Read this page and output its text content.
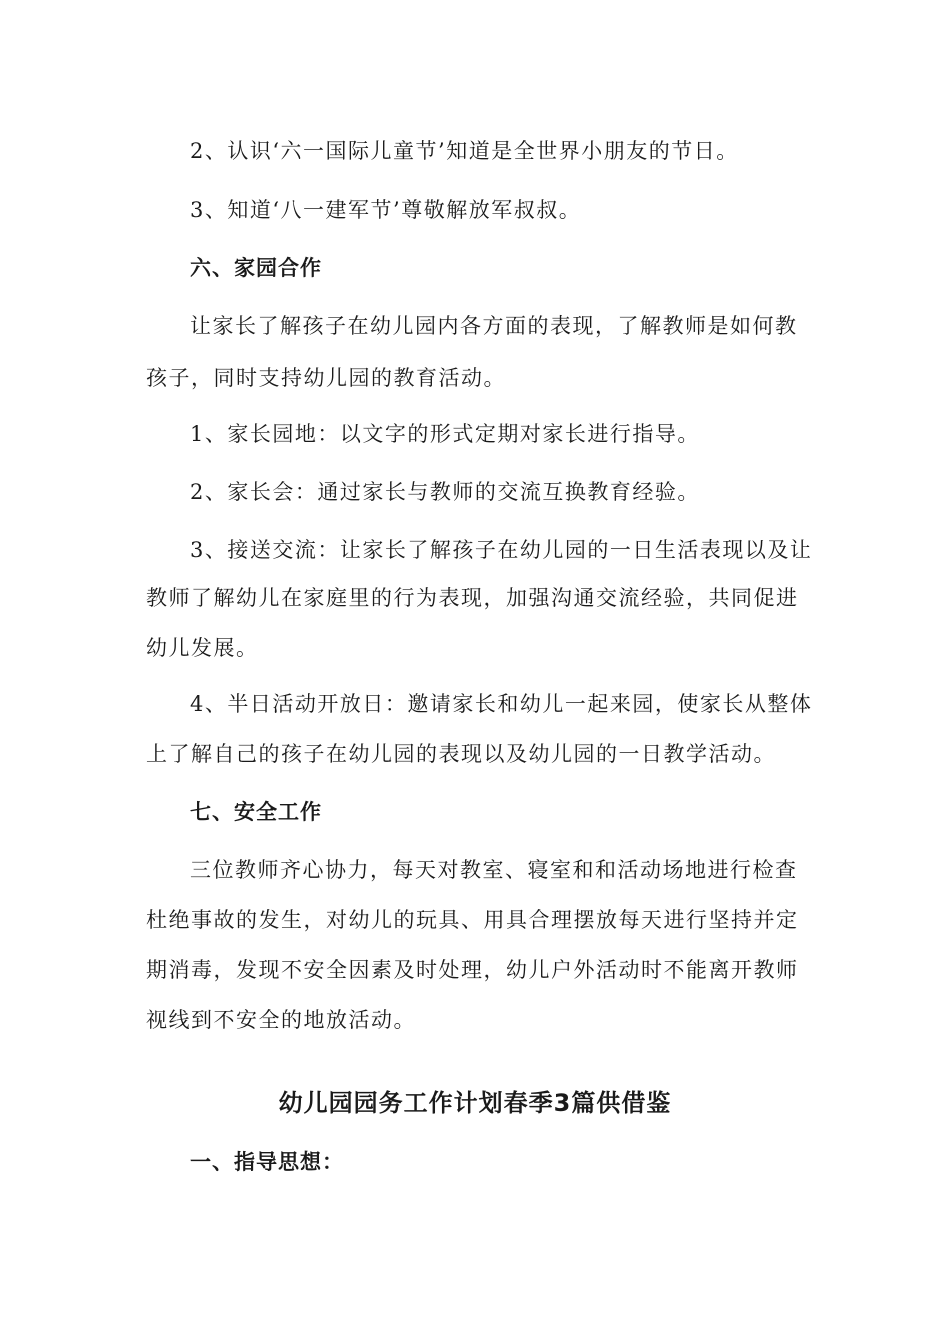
2、认识‘六一国际儿童节’知道是全世界小朋友的节日。
3、知道‘八一建军节’尊敬解放军叔叔。
六、家园合作
让家长了解孩子在幼儿园内各方面的表现，了解教师是如何教
孩子，同时支持幼儿园的教育活动。
1、家长园地：以文字的形式定期对家长进行指导。
2、家长会：通过家长与教师的交流互换教育经验。
3、接送交流：让家长了解孩子在幼儿园的一日生活表现以及让
教师了解幼儿在家庭里的行为表现，加强沟通交流经验，共同促进
幼儿发展。
4、半日活动开放日：邀请家长和幼儿一起来园，使家长从整体
上了解自己的孩子在幼儿园的表现以及幼儿园的一日教学活动。
七、安全工作
三位教师齐心协力，每天对教室、寝室和和活动场地进行检查
杜绝事故的发生，对幼儿的玩具、用具合理摆放每天进行坚持并定
期消毒，发现不安全因素及时处理，幼儿户外活动时不能离开教师
视线到不安全的地放活动。
幼儿园园务工作计划春季3篇供借鉴
一、指导思想：
